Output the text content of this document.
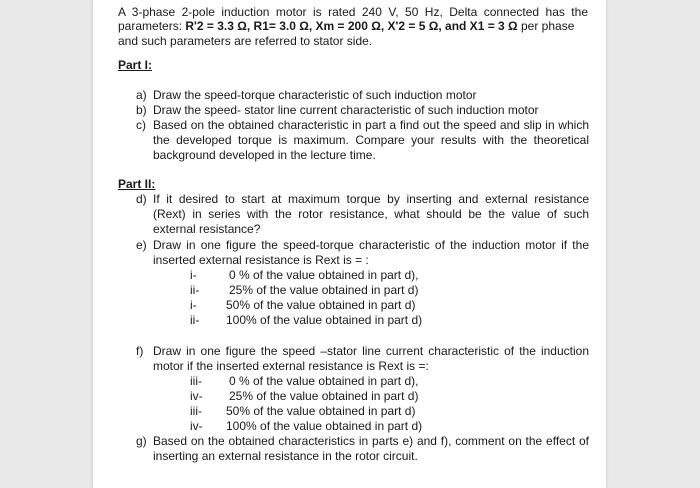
A 3-phase 2-pole induction motor is rated 240 V, 50 Hz, Delta connected has the
parameters: R'2 = 3.3 Ω, R1= 3.0 Ω, Xm = 200 Ω, X'2 = 5 Ω, and X1 = 3 Ω per phase
and such parameters are referred to stator side.
Part I:
a) Draw the speed-torque characteristic of such induction motor
b) Draw the speed- stator line current characteristic of such induction motor
c) Based on the obtained characteristic in part a find out the speed and slip in which
the developed torque is maximum. Compare your results with the theoretical
background developed in the lecture time.
Part II:
d) If it desired to start at maximum torque by inserting and external resistance
(Rext) in series with the rotor resistance, what should be the value of such
external resistance?
e) Draw in one figure the speed-torque characteristic of the induction motor if the
inserted external resistance is Rext is = :
i-	0 % of the value obtained in part d),
ii- 25% of the value obtained in part d)
i- 50% of the value obtained in part d)
ii- 100% of the value obtained in part d)
f) Draw in one figure the speed –stator line current characteristic of the induction
motor if the inserted external resistance is Rext is =:
iii- 0 % of the value obtained in part d),
iv- 25% of the value obtained in part d)
iii- 50% of the value obtained in part d)
iv- 100% of the value obtained in part d)
g) Based on the obtained characteristics in parts e) and f), comment on the effect of
inserting an external resistance in the rotor circuit.
